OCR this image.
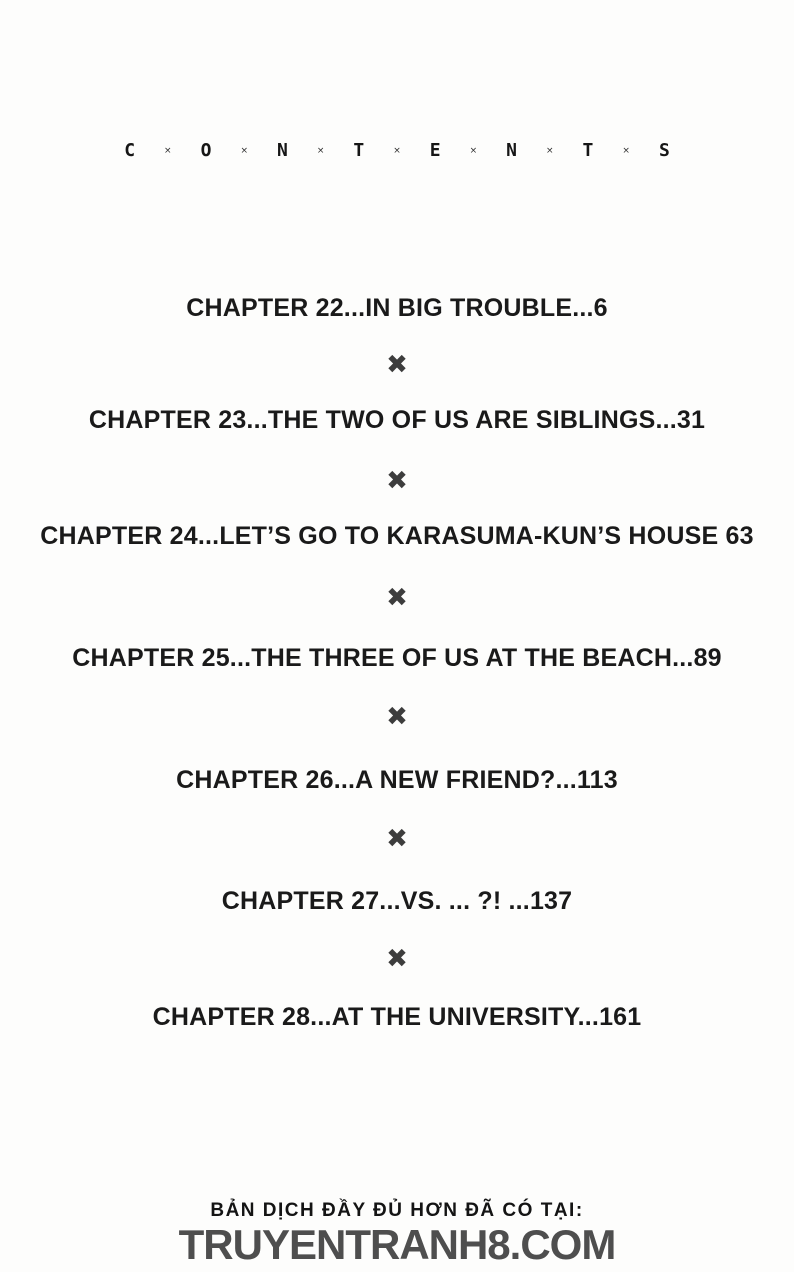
C	× O	× N	× T	× E	× N	× T	× S
CHAPTER 22...IN BIG TROUBLE...6
✖
CHAPTER 23...THE TWO OF US ARE SIBLINGS...31
✖
CHAPTER 24...LET’S GO TO KARASUMA-KUN’S HOUSE 63
✖
CHAPTER 25...THE THREE OF US AT THE BEACH...89
✖
CHAPTER 26...A NEW FRIEND?...113
✖
CHAPTER 27...VS. ... ?! ...137
✖
CHAPTER 28...AT THE UNIVERSITY...161
BẢN DỊCH ĐẦY ĐỦ HƠN ĐÃ CÓ TẠI:
TRUYENTRANH8.COM
